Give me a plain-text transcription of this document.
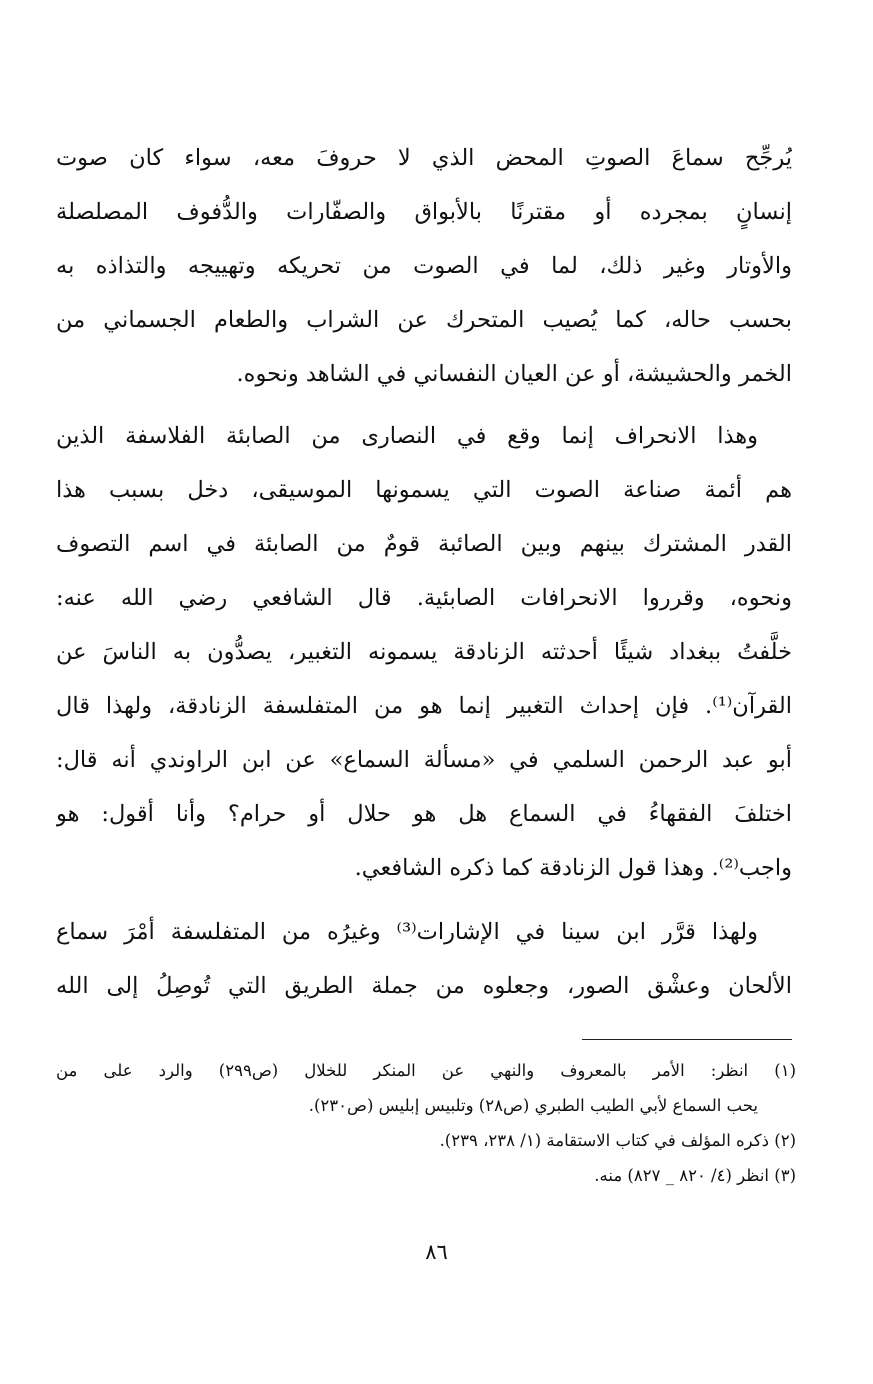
يُرجِّح سماعَ الصوتِ المحض الذي لا حروفَ معه، سواء كان صوت
إنسانٍ بمجرده أو مقترنًا بالأبواق والصفّارات والدُّفوف المصلصلة
والأوتار وغير ذلك، لما في الصوت من تحريكه وتهييجه والتذاذه به
بحسب حاله، كما يُصيب المتحرك عن الشراب والطعام الجسماني من
الخمر والحشيشة، أو عن العيان النفساني في الشاهد ونحوه.
وهذا الانحراف إنما وقع في النصارى من الصابئة الفلاسفة الذين
هم أئمة صناعة الصوت التي يسمونها الموسيقى، دخل بسبب هذا
القدر المشترك بينهم وبين الصائبة قومٌ من الصابئة في اسم التصوف
ونحوه، وقرروا الانحرافات الصابئية. قال الشافعي رضي الله عنه:
خلَّفتُ ببغداد شيئًا أحدثته الزنادقة يسمونه التغبير، يصدُّون به الناسَ عن
القرآن⁽¹⁾. فإن إحداث التغبير إنما هو من المتفلسفة الزنادقة، ولهذا قال
أبو عبد الرحمن السلمي في «مسألة السماع» عن ابن الراوندي أنه قال:
اختلفَ الفقهاءُ في السماع هل هو حلال أو حرام؟ وأنا أقول: هو
واجب⁽²⁾. وهذا قول الزنادقة كما ذكره الشافعي.
ولهذا قرَّر ابن سينا في الإشارات⁽³⁾ وغيرُه من المتفلسفة أمْرَ سماع
الألحان وعشْق الصور، وجعلوه من جملة الطريق التي تُوصِلُ إلى الله
(١) انظر: الأمر بالمعروف والنهي عن المنكر للخلال (ص٢٩٩) والرد على من
يحب السماع لأبي الطيب الطبري (ص٢٨) وتلبيس إبليس (ص٢٣٠).
(٢) ذكره المؤلف في كتاب الاستقامة (١/ ٢٣٨، ٢٣٩).
(٣) انظر (٤/ ٨٢٠ _ ٨٢٧) منه.
٨٦
